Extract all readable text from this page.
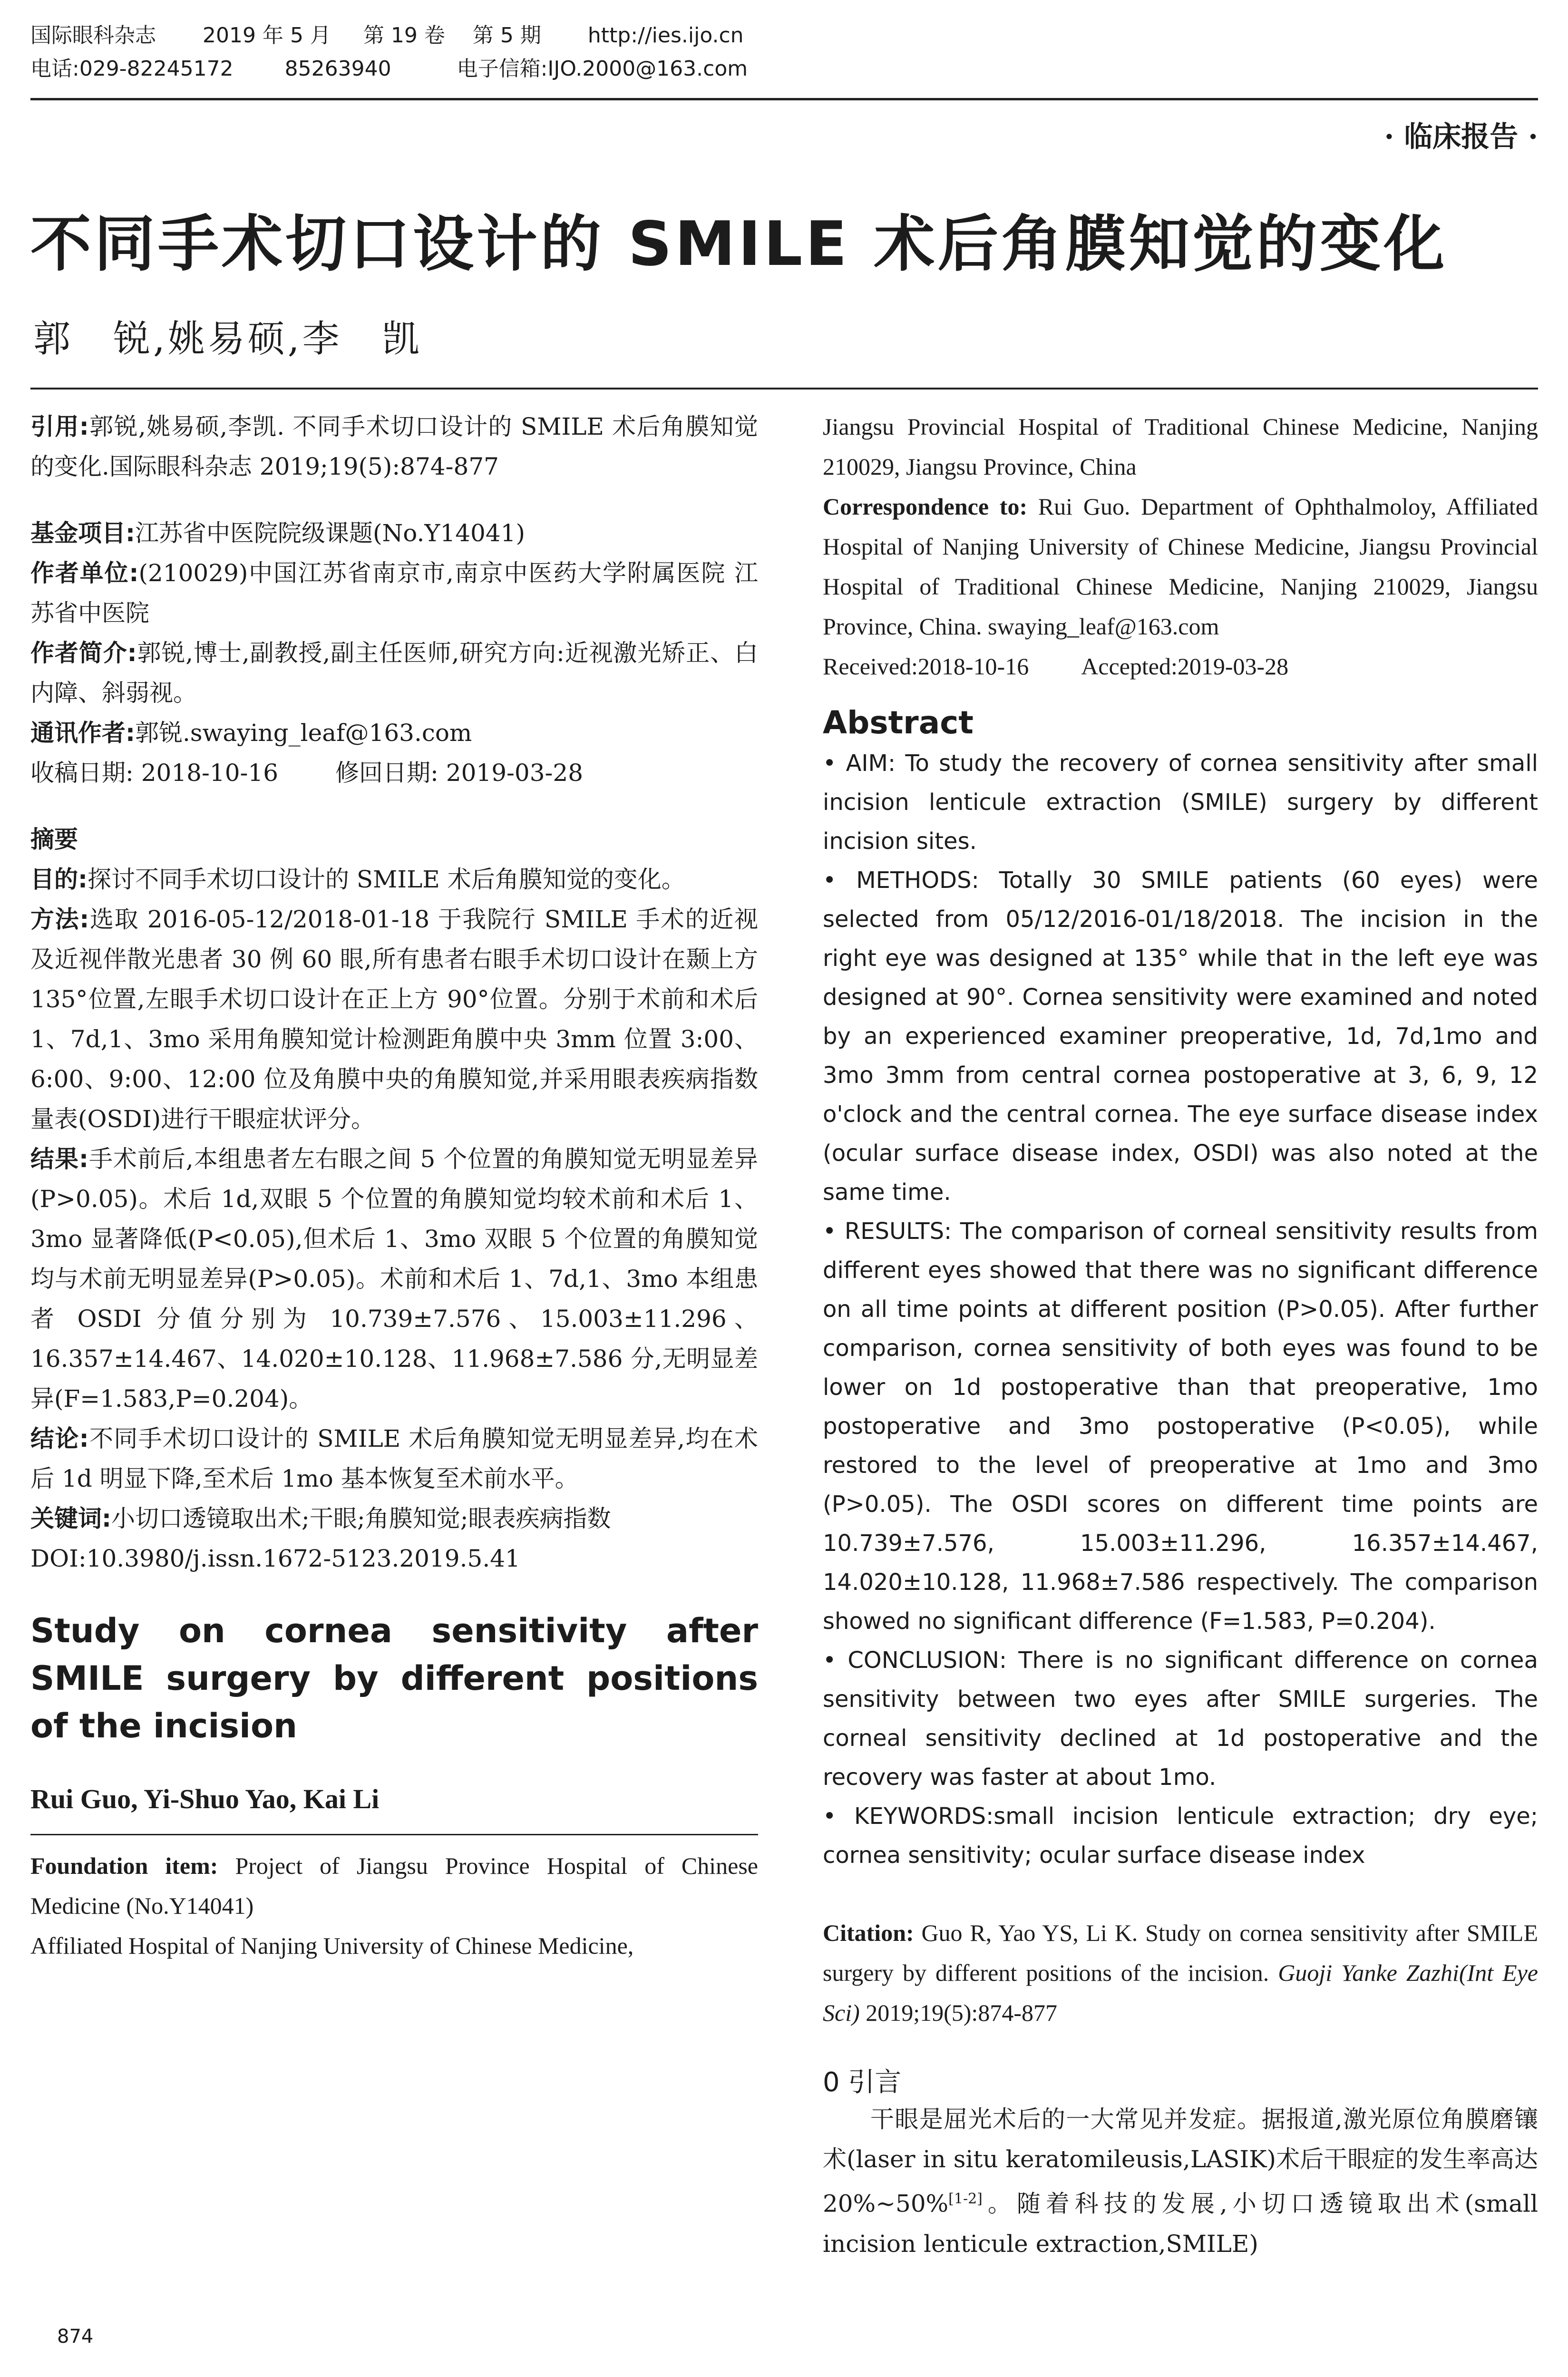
国际眼科杂志 2019 年 5 月 第 19 卷 第 5 期 http://ies.ijo.cn
电话:029-82245172 85263940	电子信箱:IJO.2000@163.com
· 临床报告 ·
不同手术切口设计的 SMILE 术后角膜知觉的变化
郭　锐,姚易硕,李　凯

引用:郭锐,姚易硕,李凯. 不同手术切口设计的 SMILE 术后角膜知觉的变化.国际眼科杂志 2019;19(5):874-877

基金项目:江苏省中医院院级课题(No.Y14041)

作者单位:(210029)中国江苏省南京市,南京中医药大学附属医院 江苏省中医院

作者简介:郭锐,博士,副教授,副主任医师,研究方向:近视激光矫正、白内障、斜弱视。

通讯作者:郭锐.swaying_leaf@163.com

收稿日期: 2018-10-16 修回日期: 2019-03-28

摘要

目的:探讨不同手术切口设计的 SMILE 术后角膜知觉的变化。

方法:选取 2016-05-12/2018-01-18 于我院行 SMILE 手术的近视及近视伴散光患者 30 例 60 眼,所有患者右眼手术切口设计在颞上方 135°位置,左眼手术切口设计在正上方 90°位置。分别于术前和术后 1、7d,1、3mo 采用角膜知觉计检测距角膜中央 3mm 位置 3:00、6:00、9:00、12:00 位及角膜中央的角膜知觉,并采用眼表疾病指数量表(OSDI)进行干眼症状评分。

结果:手术前后,本组患者左右眼之间 5 个位置的角膜知觉无明显差异(P>0.05)。术后 1d,双眼 5 个位置的角膜知觉均较术前和术后 1、3mo 显著降低(P<0.05),但术后 1、3mo 双眼 5 个位置的角膜知觉均与术前无明显差异(P>0.05)。术前和术后 1、7d,1、3mo 本组患者 OSDI 分值分别为 10.739±7.576、15.003±11.296、16.357±14.467、14.020±10.128、11.968±7.586 分,无明显差异(F=1.583,P=0.204)。

结论:不同手术切口设计的 SMILE 术后角膜知觉无明显差异,均在术后 1d 明显下降,至术后 1mo 基本恢复至术前水平。

关键词:小切口透镜取出术;干眼;角膜知觉;眼表疾病指数

DOI:10.3980/j.issn.1672-5123.2019.5.41

Study on cornea sensitivity after SMILE surgery by different positions of the incision
Rui Guo, Yi-Shuo Yao, Kai Li

Foundation item: Project of Jiangsu Province Hospital of Chinese Medicine (No.Y14041)

Affiliated Hospital of Nanjing University of Chinese Medicine,

874

Jiangsu Provincial Hospital of Traditional Chinese Medicine, Nanjing 210029, Jiangsu Province, China

Correspondence to: Rui Guo. Department of Ophthalmoloy, Affiliated Hospital of Nanjing University of Chinese Medicine, Jiangsu Provincial Hospital of Traditional Chinese Medicine, Nanjing 210029, Jiangsu Province, China. swaying_leaf@163.com

Received:2018-10-16 Accepted:2019-03-28

Abstract

• AIM: To study the recovery of cornea sensitivity after small incision lenticule extraction (SMILE) surgery by different incision sites.

• METHODS: Totally 30 SMILE patients (60 eyes) were selected from 05/12/2016-01/18/2018. The incision in the right eye was designed at 135° while that in the left eye was designed at 90°. Cornea sensitivity were examined and noted by an experienced examiner preoperative, 1d, 7d,1mo and 3mo 3mm from central cornea postoperative at 3, 6, 9, 12 o'clock and the central cornea. The eye surface disease index (ocular surface disease index, OSDI) was also noted at the same time.

• RESULTS: The comparison of corneal sensitivity results from different eyes showed that there was no significant difference on all time points at different position (P>0.05). After further comparison, cornea sensitivity of both eyes was found to be lower on 1d postoperative than that preoperative, 1mo postoperative and 3mo postoperative (P<0.05), while restored to the level of preoperative at 1mo and 3mo (P>0.05). The OSDI scores on different time points are 10.739±7.576, 15.003±11.296, 16.357±14.467, 14.020±10.128, 11.968±7.586 respectively. The comparison showed no significant difference (F=1.583, P=0.204).

• CONCLUSION: There is no significant difference on cornea sensitivity between two eyes after SMILE surgeries. The corneal sensitivity declined at 1d postoperative and the recovery was faster at about 1mo.

• KEYWORDS:small incision lenticule extraction; dry eye; cornea sensitivity; ocular surface disease index

Citation: Guo R, Yao YS, Li K. Study on cornea sensitivity after SMILE surgery by different positions of the incision. Guoji Yanke Zazhi(Int Eye Sci) 2019;19(5):874-877

0 引言

干眼是屈光术后的一大常见并发症。据报道,激光原位角膜磨镶术(laser in situ keratomileusis,LASIK)术后干眼症的发生率高达 20%~50%[1-2]。随着科技的发展,小切口透镜取出术(small incision lenticule extraction,SMILE)
